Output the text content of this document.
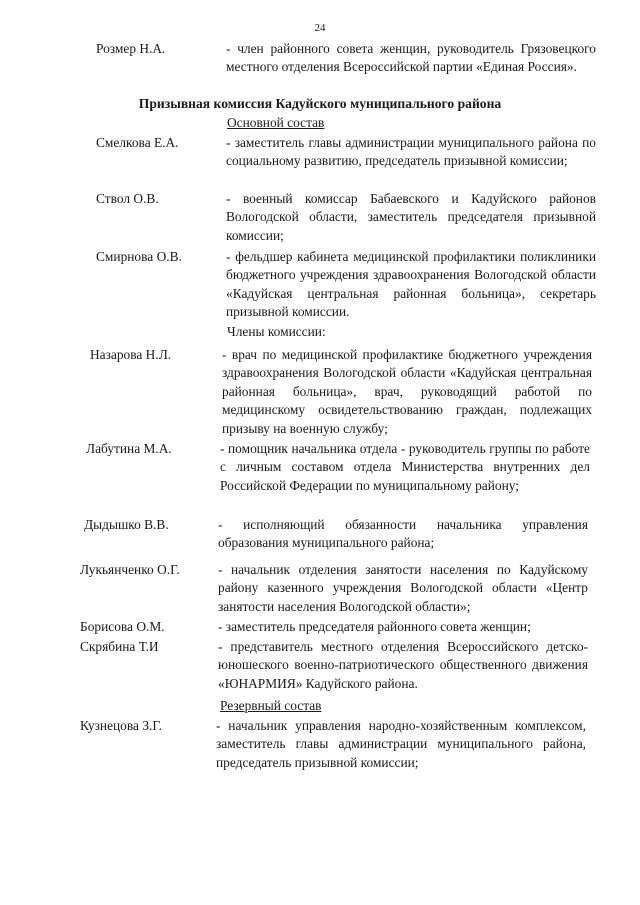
24
Розмер Н.А.	- член районного совета женщин, руководитель Грязовецкого местного отделения Всероссийской партии «Единая Россия».
Призывная комиссия Кадуйского муниципального района
Основной состав
Смелкова Е.А.	- заместитель главы администрации муниципального района по социальному развитию, председатель призывной комиссии;
Ствол О.В.	- военный комиссар Бабаевского и Кадуйского районов Вологодской области, заместитель председателя призывной комиссии;
Смирнова О.В.	- фельдшер кабинета медицинской профилактики поликлиники бюджетного учреждения здравоохранения Вологодской области «Кадуйская центральная районная больница», секретарь призывной комиссии.
Члены комиссии:
Назарова Н.Л.	- врач по медицинской профилактике бюджетного учреждения здравоохранения Вологодской области «Кадуйская центральная районная больница», врач, руководящий работой по медицинскому освидетельствованию граждан, подлежащих призыву на военную службу;
Лабутина М.А.	- помощник начальника отдела - руководитель группы по работе с личным составом отдела Министерства внутренних дел Российской Федерации по муниципальному району;
Дыдышко В.В.	- исполняющий обязанности начальника управления образования муниципального района;
Лукьянченко О.Г.	- начальник отделения занятости населения по Кадуйскому району казенного учреждения Вологодской области «Центр занятости населения Вологодской области»;
Борисова О.М.	- заместитель председателя районного совета женщин;
Скрябина Т.И	- представитель местного отделения Всероссийского детско-юношеского военно-патриотического общественного движения «ЮНАРМИЯ» Кадуйского района.
Резервный состав
Кузнецова З.Г.	- начальник управления народно-хозяйственным комплексом, заместитель главы администрации муниципального района, председатель призывной комиссии;
